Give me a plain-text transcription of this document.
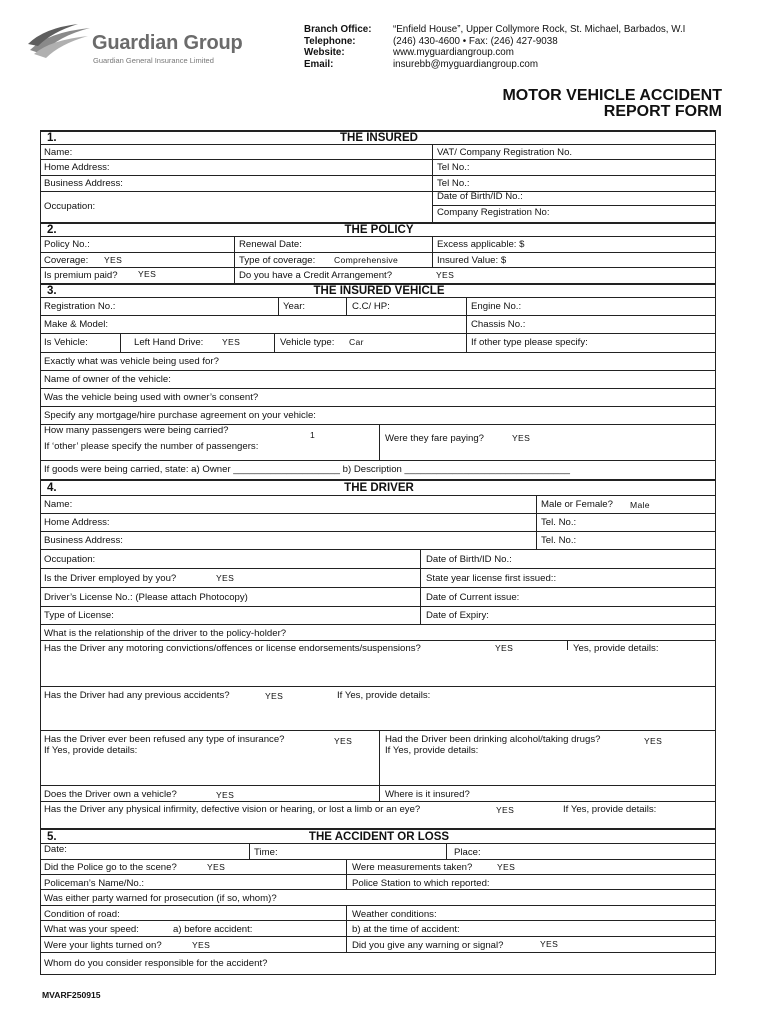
Guardian Group
Guardian General Insurance Limited
Branch Office:
Telephone:
Website:
Email:
“Enfield House”, Upper Collymore Rock, St. Michael, Barbados, W.I
(246) 430-4600 • Fax: (246) 427-9038
www.myguardiangroup.com
insurebb@myguardiangroup.com
MOTOR VEHICLE ACCIDENT
REPORT FORM
1.	THE INSURED
Name:	VAT/ Company Registration No.
Home Address:	Tel No.:
Business Address:	Tel No.:
Date of Birth/ID No.:
Occupation:
Company Registration No:
2.	THE POLICY
Policy No.:	Renewal Date:	Excess applicable: $
Coverage: YES	Type of coverage: Comprehensive	Insured Value: $
Is premium paid? YES	Do you have a Credit Arrangement?	YES
3.	THE INSURED VEHICLE
Registration No.:	Year:	C.C/ HP:	Engine No.:
Make & Model:	Chassis No.:
Is Vehicle:	Left Hand Drive: YES	Vehicle type: Car	If other type please specify:
Exactly what was vehicle being used for?
Name of owner of the vehicle:
Was the vehicle being used with owner’s consent?
Specify any mortgage/hire purchase agreement on your vehicle:
How many passengers were being carried?	1
If ‘other’ please specify the number of passengers:
Were they fare paying?	YES
If goods were being carried, state: a) Owner ____________________ b) Description _______________________________
4.	THE DRIVER
Name:	Male or Female? Male
Home Address:	Tel. No.:
Business Address:	Tel. No.:
Occupation:	Date of Birth/ID No.:
Is the Driver employed by you?	YES	State year license first issued::
Driver’s License No.: (Please attach Photocopy)	Date of Current issue:
Type of License:	Date of Expiry:
What is the relationship of the driver to the policy-holder?
Has the Driver any motoring convictions/offences or license endorsements/suspensions?	YES	Yes, provide details:
Has the Driver had any previous accidents?	YES	If Yes, provide details:
Has the Driver ever been refused any type of insurance?	YES
If Yes, provide details:
Had the Driver been drinking alcohol/taking drugs?	YES
If Yes, provide details:
Does the Driver own a vehicle?	YES	Where is it insured?
Has the Driver any physical infirmity, defective vision or hearing, or lost a limb or an eye?	YES	If Yes, provide details:
5.	THE ACCIDENT OR LOSS
Date:	Time:	Place:
Did the Police go to the scene?	YES	Were measurements taken?	YES
Policeman’s Name/No.:	Police Station to which reported:
Was either party warned for prosecution (if so, whom)?
Condition of road:	Weather conditions:
What was your speed:	a) before accident:	b) at the time of accident:
Were your lights turned on?	YES	Did you give any warning or signal?	YES
Whom do you consider responsible for the accident?
MVARF250915
